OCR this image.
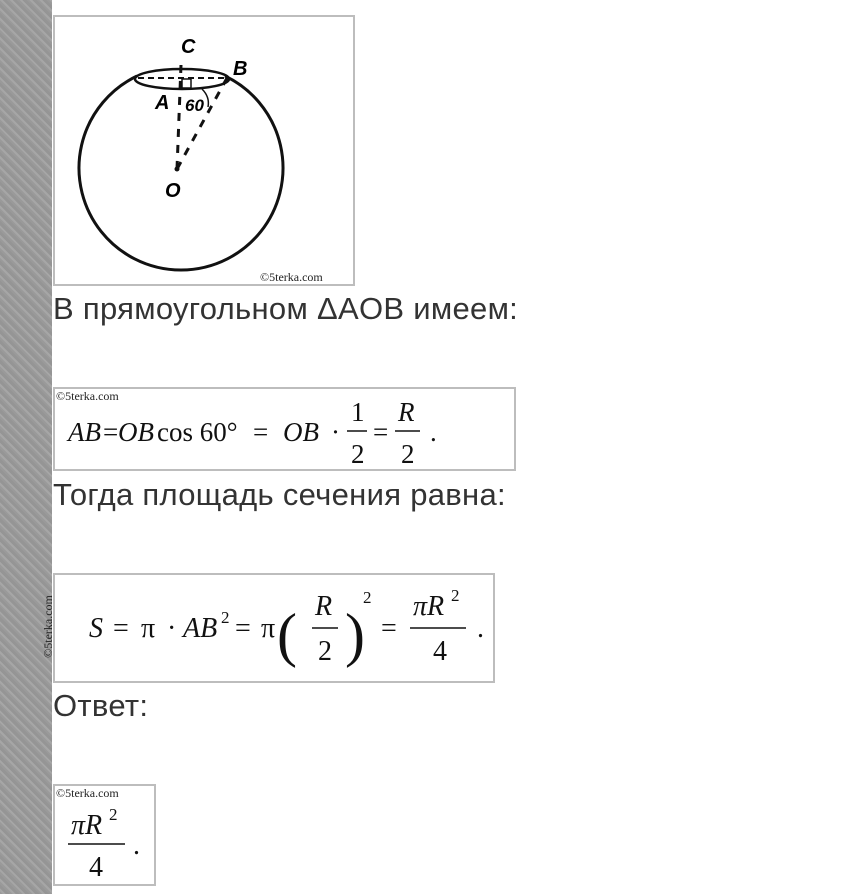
C
B
A 60
O
©5terka.com

В прямоугольном ΔAOB имеем:

AB = OB cos 60° = OB ·
1
2
=
R
2
.
©5terka.com

Тогда площадь сечения равна:

S = π · AB 2 = π ( R
2 )
2
=
πR 2
4
.
©5terka.com

Ответ:

πR 2
4
.
©5terka.com
